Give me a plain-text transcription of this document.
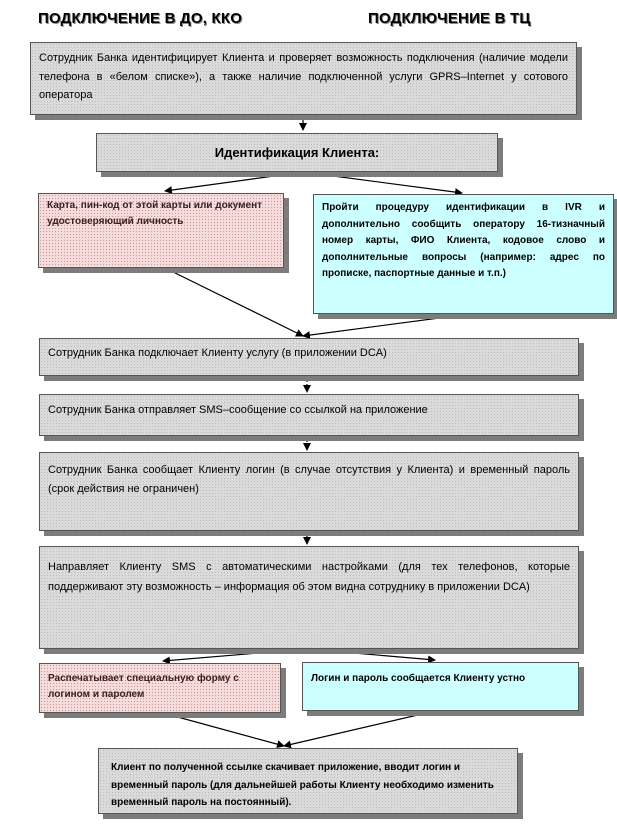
ПОДКЛЮЧЕНИЕ В ДО, ККО	ПОДКЛЮЧЕНИЕ В ТЦ
Сотрудник Банка идентифицирует Клиента и проверяет возможность подключения (наличие модели телефона в «белом списке»), а также наличие подключенной услуги GPRS–Internet у сотового оператора
Идентификация Клиента:
Карта, пин-код от этой карты или документ удостоверяющий личность
Пройти процедуру идентификации в IVR и дополнительно сообщить оператору 16-тизначный номер карты, ФИО Клиента, кодовое слово и дополнительные вопросы (например: адрес по прописке, паспортные данные и т.п.)
Сотрудник Банка подключает Клиенту услугу (в приложении DCA)
Сотрудник Банка отправляет SMS–сообщение со ссылкой на приложение
Сотрудник Банка сообщает Клиенту логин (в случае отсутствия у Клиента) и временный пароль (срок действия не ограничен)
Направляет Клиенту SMS с автоматическими настройками (для тех телефонов, которые поддерживают эту возможность – информация об этом видна сотруднику в приложении DCA)
Распечатывает специальную форму с логином и паролем
Логин и пароль сообщается Клиенту устно
Клиент по полученной ссылке скачивает приложение, вводит логин и временный пароль (для дальнейшей работы Клиенту необходимо изменить временный пароль на постоянный).
